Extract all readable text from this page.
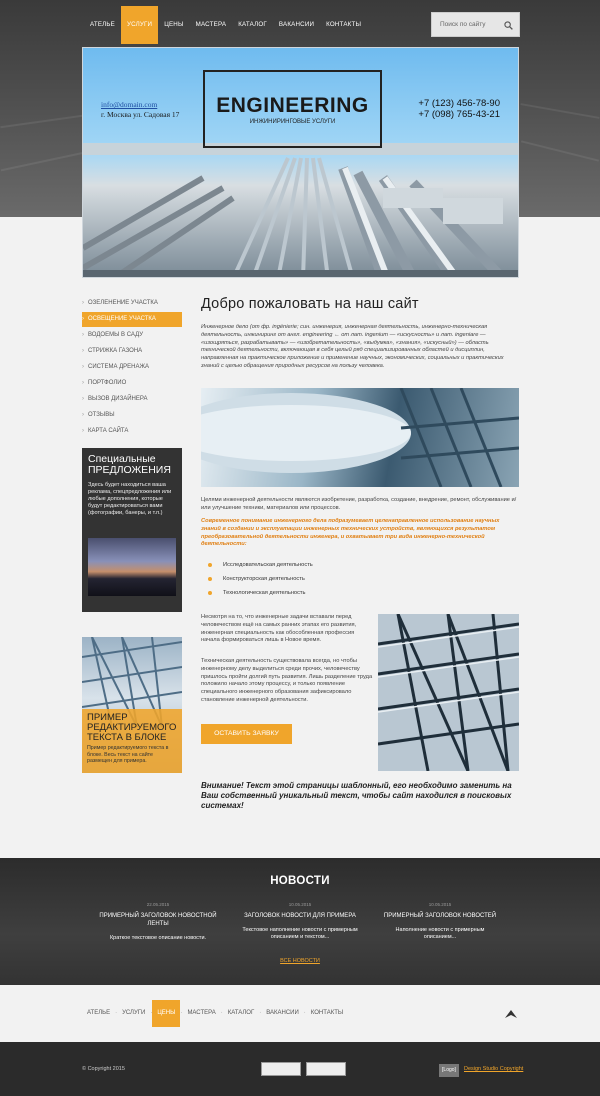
АТЕЛЬЕ	УСЛУГИ	ЦЕНЫ	МАСТЕРА	КАТАЛОГ	ВАКАНСИИ	КОНТАКТЫ	Поиск по сайту
info@domain.com
г. Москва ул. Садовая 17	ENGINEERING
ИНЖИНИРИНГОВЫЕ УСЛУГИ
+7 (123) 456-78-90
+7 (098) 765-43-21
› ОЗЕЛЕНЕНИЕ УЧАСТКА
› ОСВЕЩЕНИЕ УЧАСТКА
› ВОДОЕМЫ В САДУ
› СТРИЖКА ГАЗОНА
› СИСТЕМА ДРЕНАЖА
› ПОРТФОЛИО
› ВЫЗОВ ДИЗАЙНЕРА
› ОТЗЫВЫ
› КАРТА САЙТА
Специальные
ПРЕДЛОЖЕНИЯ
Здесь будет находиться ваша реклама, спецпредложения или любые дополнения, которые будут редактироваться вами (фотографии, банеры, и т.п.)
ПРИМЕР РЕДАКТИРУЕМОГО ТЕКСТА В БЛОКЕ
Пример редактируемого текста в блоке. Весь текст на сайте размещен для примера.
Добро пожаловать на наш сайт
Инженерное дело (от фр. ingénierie; син. инженерия, инженерная деятельность, инженерно-техническая деятельность, инжиниринг от англ. engineering ← от лат. ingenium — «искусность» и лат. ingeniare — «изощряться, разрабатывать» — «изобретательность», «выдумка», «знания», «искусный») — область технической деятельности, включающая в себя целый ряд специализированных областей и дисциплин, направленная на практическое приложение и применение научных, экономических, социальных и практических знаний с целью обращения природных ресурсов на пользу человека.
Целями инженерной деятельности являются изобретение, разработка, создание, внедрение, ремонт, обслуживание и/или улучшение техники, материалов или процессов.
Современное понимание инженерного дела подразумевает целенаправленное использование научных знаний в создании и эксплуатации инженерных технических устройств, являющихся результатом преобразовательной деятельности инженера, и охватывает три вида инженерно-технической деятельности:
Исследовательская деятельность
Конструкторская деятельность
Технологическая деятельность
Несмотря на то, что инженерные задачи вставали перед человечеством ещё на самых ранних этапах его развития, инженерная специальность как обособленная профессия начала формироваться лишь в Новое время.
Техническая деятельность существовала всегда, но чтобы инженерному делу выделиться среди прочих, человечеству пришлось пройти долгий путь развития. Лишь разделение труда положило начало этому процессу, и только появление специального инженерного образования зафиксировало становление инженерной деятельности.
ОСТАВИТЬ ЗАЯВКУ
Внимание! Текст этой страницы шаблонный, его необходимо заменить на Ваш собственный уникальный текст, чтобы сайт находился в поисковых системах!
НОВОСТИ
22.05.2015
ПРИМЕРНЫЙ ЗАГОЛОВОК НОВОСТНОЙ ЛЕНТЫ
Краткое текстовое описание новости.
10.05.2015
ЗАГОЛОВОК НОВОСТИ ДЛЯ ПРИМЕРА
Текстовое наполнение новости с примерным описанием и текстом...
10.05.2015
ПРИМЕРНЫЙ ЗАГОЛОВОК НОВОСТЕЙ
Наполнение новости с примерным описанием...
ВСЕ НОВОСТИ
АТЕЛЬЕ · УСЛУГИ · ЦЕНЫ · МАСТЕРА · КАТАЛОГ · ВАКАНСИИ · КОНТАКТЫ
© Copyright 2015	[Logo]	Design Studio Copyright
